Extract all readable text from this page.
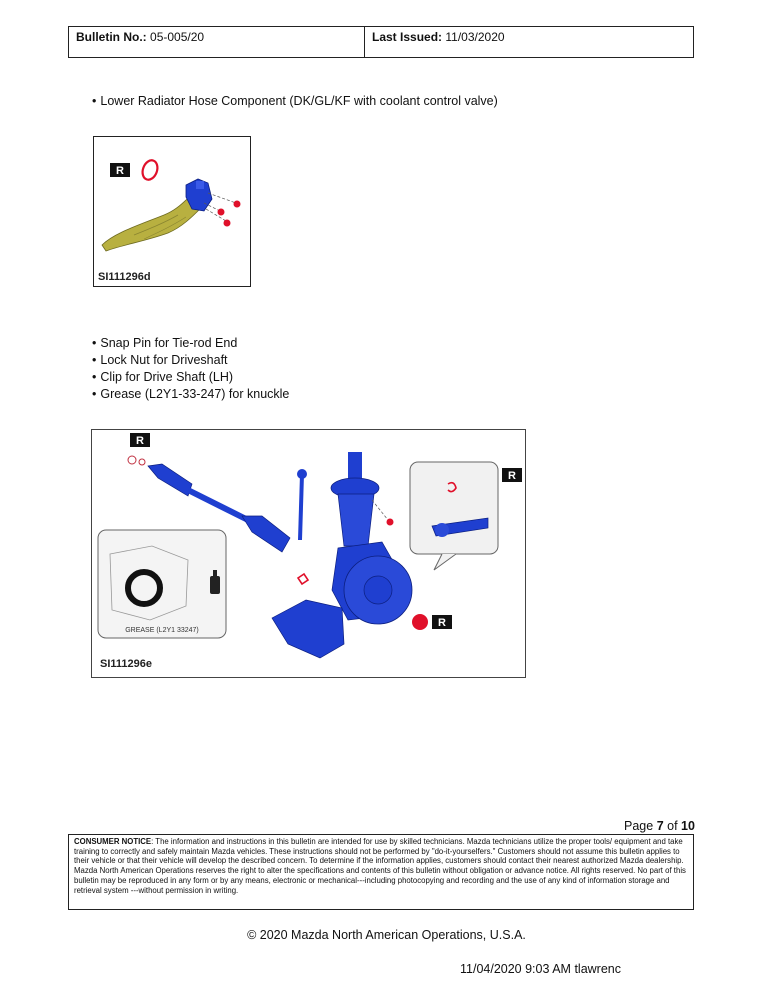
Bulletin No.: 05-005/20	Last Issued: 11/03/2020
• Lower Radiator Hose Component (DK/GL/KF with coolant control valve)
R
SI111296d
• Snap Pin for Tie-rod End
• Lock Nut for Driveshaft
• Clip for Drive Shaft (LH)
• Grease (L2Y1-33-247) for knuckle
R
R
R
GREASE (L2Y1 33247)
SI111296e
Page 7 of 10
CONSUMER NOTICE: The information and instructions in this bulletin are intended for use by skilled technicians. Mazda technicians utilize the proper tools/ equipment and take training to correctly and safely maintain Mazda vehicles. These instructions should not be performed by "do-it-yourselfers." Customers should not assume this bulletin applies to their vehicle or that their vehicle will develop the described concern. To determine if the information applies, customers should contact their nearest authorized Mazda dealership. Mazda North American Operations reserves the right to alter the specifications and contents of this bulletin without obligation or advance notice. All rights reserved. No part of this bulletin may be reproduced in any form or by any means, electronic or mechanical---including photocopying and recording and the use of any kind of information storage and retrieval system ---without permission in writing.
© 2020 Mazda North American Operations, U.S.A.
11/04/2020 9:03 AM tlawrenc
